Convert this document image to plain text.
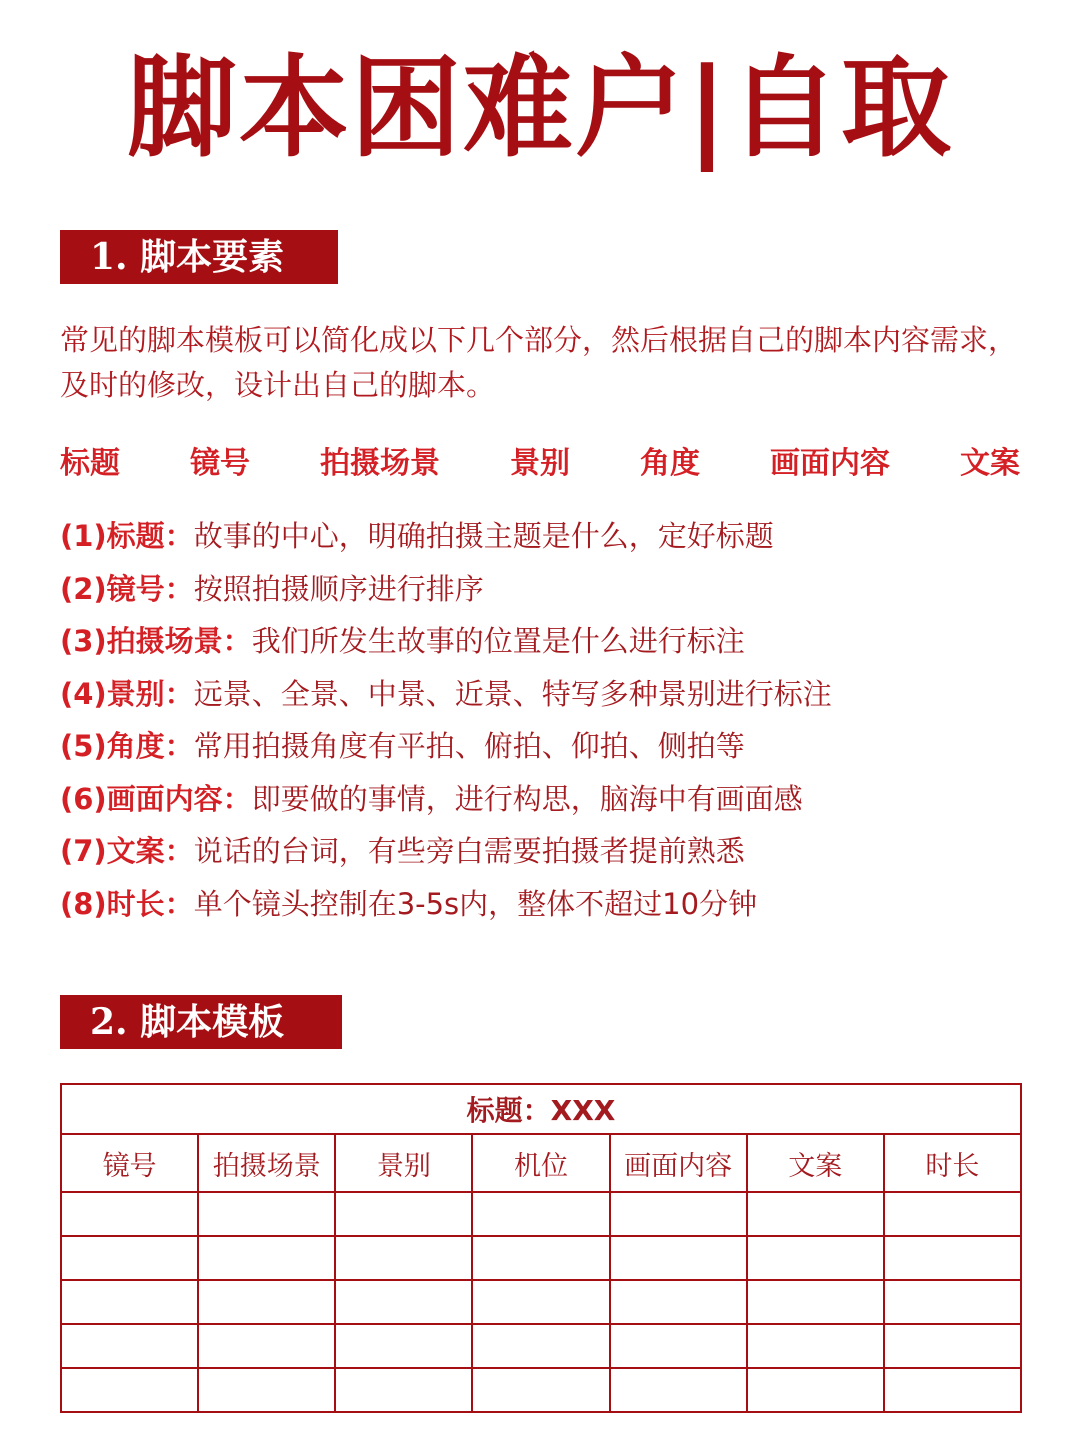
脚本困难户|自取
1. 脚本要素
常见的脚本模板可以简化成以下几个部分，然后根据自己的脚本内容需求，及时的修改，设计出自己的脚本。
标题 镜号 拍摄场景 景别 角度 画面内容 文案
(1)标题：故事的中心，明确拍摄主题是什么，定好标题
(2)镜号：按照拍摄顺序进行排序
(3)拍摄场景：我们所发生故事的位置是什么进行标注
(4)景别：远景、全景、中景、近景、特写多种景别进行标注
(5)角度：常用拍摄角度有平拍、俯拍、仰拍、侧拍等
(6)画面内容：即要做的事情，进行构思，脑海中有画面感
(7)文案：说话的台词，有些旁白需要拍摄者提前熟悉
(8)时长：单个镜头控制在3-5s内，整体不超过10分钟
2. 脚本模板
标题：XXX						
镜号	拍摄场景	景别	机位	画面内容	文案	时长
